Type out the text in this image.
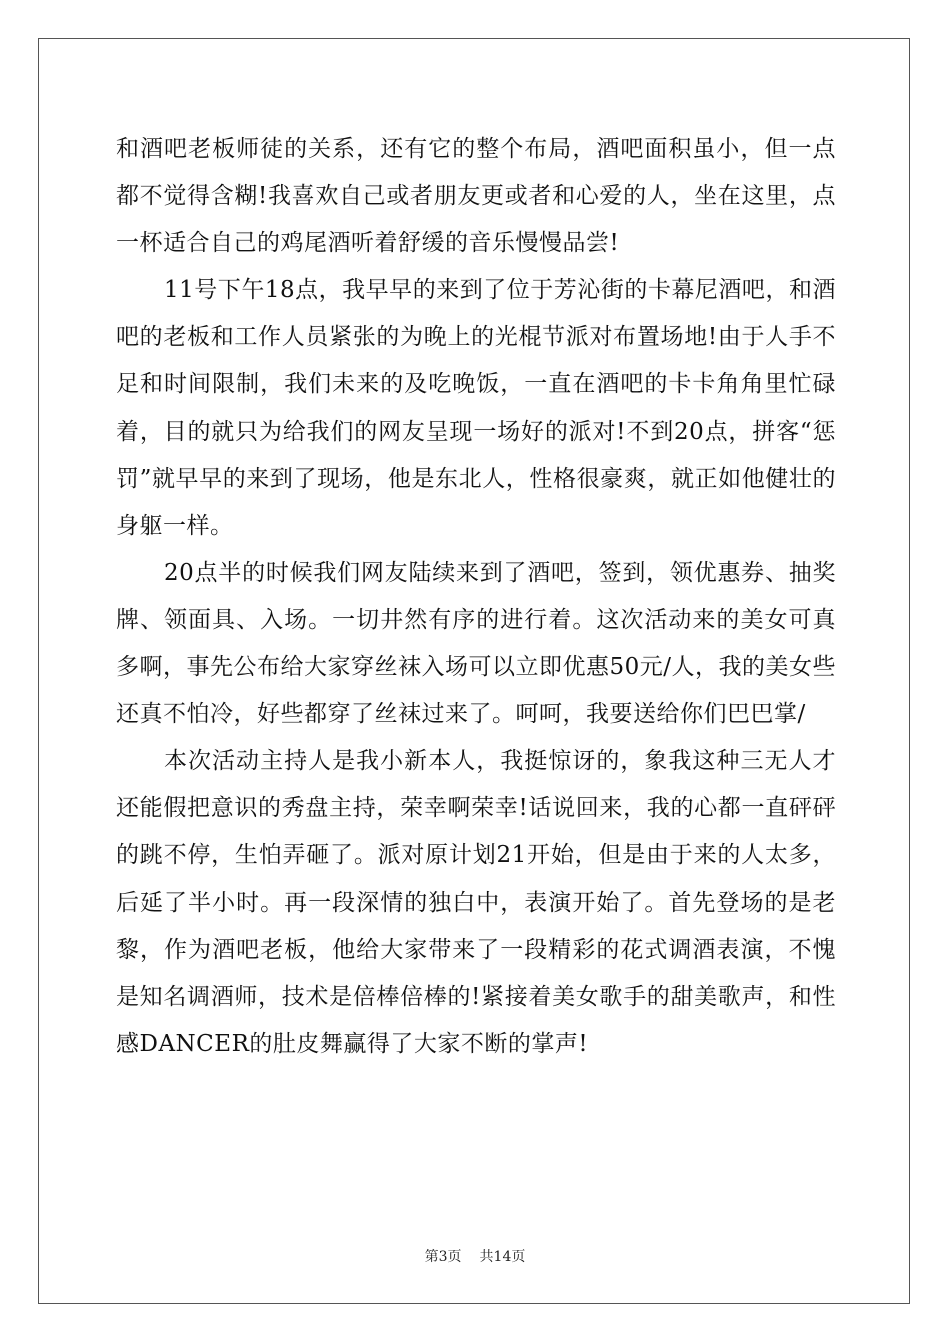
和酒吧老板师徒的关系，还有它的整个布局，酒吧面积虽小，但一点都不觉得含糊!我喜欢自己或者朋友更或者和心爱的人，坐在这里，点一杯适合自己的鸡尾酒听着舒缓的音乐慢慢品尝!

11号下午18点，我早早的来到了位于芳沁街的卡幕尼酒吧，和酒吧的老板和工作人员紧张的为晚上的光棍节派对布置场地!由于人手不足和时间限制，我们未来的及吃晚饭，一直在酒吧的卡卡角角里忙碌着，目的就只为给我们的网友呈现一场好的派对!不到20点，拼客“惩罚”就早早的来到了现场，他是东北人，性格很豪爽，就正如他健壮的身躯一样。

20点半的时候我们网友陆续来到了酒吧，签到，领优惠券、抽奖牌、领面具、入场。一切井然有序的进行着。这次活动来的美女可真多啊，事先公布给大家穿丝袜入场可以立即优惠50元/人，我的美女些还真不怕冷，好些都穿了丝袜过来了。呵呵，我要送给你们巴巴掌/

本次活动主持人是我小新本人，我挺惊讶的，象我这种三无人才还能假把意识的秀盘主持，荣幸啊荣幸!话说回来，我的心都一直砰砰的跳不停，生怕弄砸了。派对原计划21开始，但是由于来的人太多，后延了半小时。再一段深情的独白中，表演开始了。首先登场的是老黎，作为酒吧老板，他给大家带来了一段精彩的花式调酒表演，不愧是知名调酒师，技术是倍棒倍棒的!紧接着美女歌手的甜美歌声，和性感DANCER的肚皮舞赢得了大家不断的掌声!

第3页 共14页
